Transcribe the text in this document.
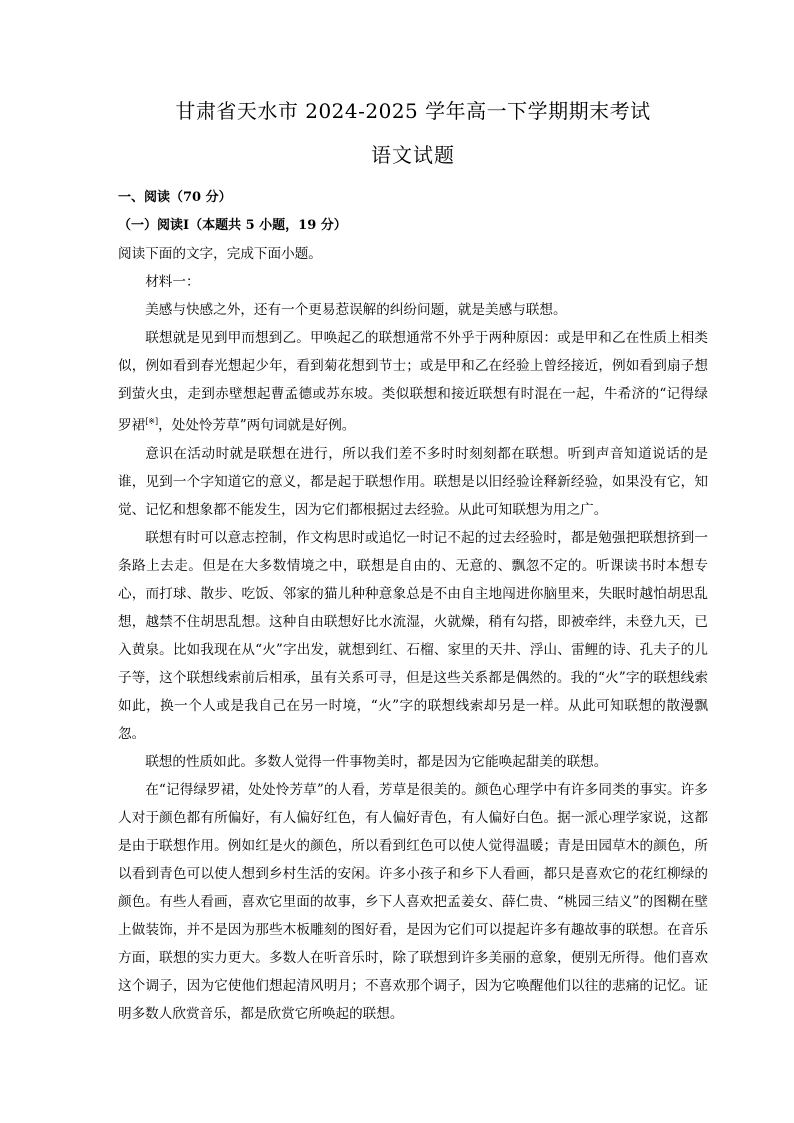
甘肃省天水市 2024-2025 学年高一下学期期末考试
语文试题
一、阅读（70 分）
（一）阅读Ⅰ（本题共 5 小题，19 分）

阅读下面的文字，完成下面小题。

材料一：

美感与快感之外，还有一个更易惹误解的纠纷问题，就是美感与联想。

联想就是见到甲而想到乙。甲唤起乙的联想通常不外乎于两种原因：或是甲和乙在性质上相类似，例如看到春光想起少年，看到菊花想到节士；或是甲和乙在经验上曾经接近，例如看到扇子想到萤火虫，走到赤壁想起曹孟德或苏东坡。类似联想和接近联想有时混在一起，牛希济的“记得绿罗裙[※]，处处怜芳草”两句词就是好例。

意识在活动时就是联想在进行，所以我们差不多时时刻刻都在联想。听到声音知道说话的是谁，见到一个字知道它的意义，都是起于联想作用。联想是以旧经验诠释新经验，如果没有它，知觉、记忆和想象都不能发生，因为它们都根据过去经验。从此可知联想为用之广。

联想有时可以意志控制，作文构思时或追忆一时记不起的过去经验时，都是勉强把联想挤到一条路上去走。但是在大多数情境之中，联想是自由的、无意的、飘忽不定的。听课读书时本想专心，而打球、散步、吃饭、邻家的猫儿种种意象总是不由自主地闯进你脑里来，失眠时越怕胡思乱想，越禁不住胡思乱想。这种自由联想好比水流湿，火就燥，稍有勾搭，即被牵绊，未登九天，已入黄泉。比如我现在从“火”字出发，就想到红、石榴、家里的天井、浮山、雷鲤的诗、孔夫子的儿子等，这个联想线索前后相承，虽有关系可寻，但是这些关系都是偶然的。我的“火”字的联想线索如此，换一个人或是我自己在另一时境，“火”字的联想线索却另是一样。从此可知联想的散漫飘忽。

联想的性质如此。多数人觉得一件事物美时，都是因为它能唤起甜美的联想。

在“记得绿罗裙，处处怜芳草”的人看，芳草是很美的。颜色心理学中有许多同类的事实。许多人对于颜色都有所偏好，有人偏好红色，有人偏好青色，有人偏好白色。据一派心理学家说，这都是由于联想作用。例如红是火的颜色，所以看到红色可以使人觉得温暖；青是田园草木的颜色，所以看到青色可以使人想到乡村生活的安闲。许多小孩子和乡下人看画，都只是喜欢它的花红柳绿的颜色。有些人看画，喜欢它里面的故事，乡下人喜欢把孟姜女、薛仁贵、“桃园三结义”的图糊在壁上做装饰，并不是因为那些木板雕刻的图好看，是因为它们可以提起许多有趣故事的联想。在音乐方面，联想的实力更大。多数人在听音乐时，除了联想到许多美丽的意象，便别无所得。他们喜欢这个调子，因为它使他们想起清风明月；不喜欢那个调子，因为它唤醒他们以往的悲痛的记忆。证明多数人欣赏音乐，都是欣赏它所唤起的联想。
